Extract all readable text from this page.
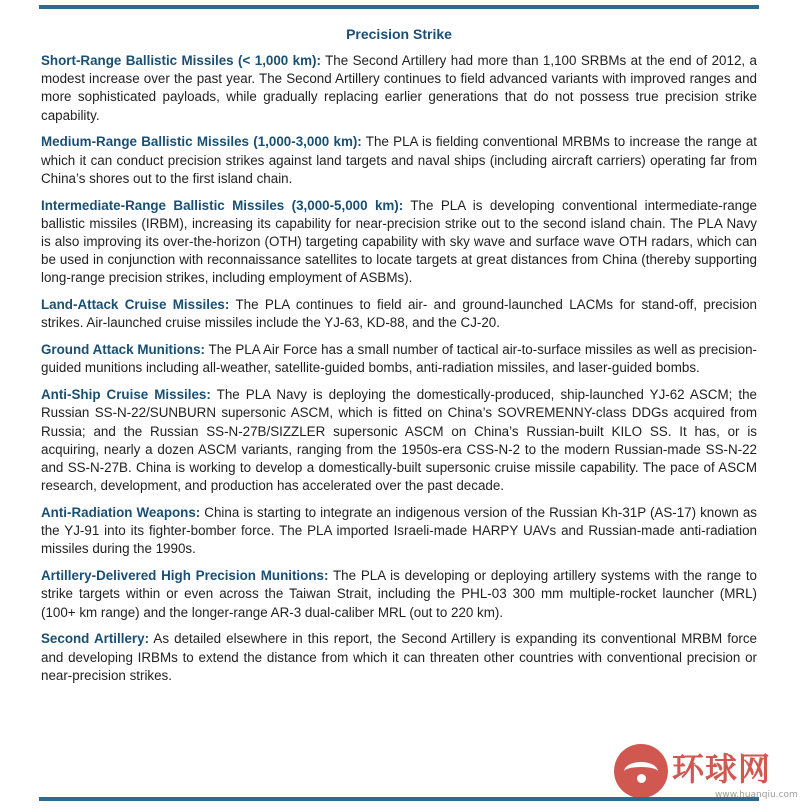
Precision Strike

Short-Range Ballistic Missiles (< 1,000 km): The Second Artillery had more than 1,100 SRBMs at the end of 2012, a modest increase over the past year. The Second Artillery continues to field advanced variants with improved ranges and more sophisticated payloads, while gradually replacing earlier generations that do not possess true precision strike capability.

Medium-Range Ballistic Missiles (1,000-3,000 km): The PLA is fielding conventional MRBMs to increase the range at which it can conduct precision strikes against land targets and naval ships (including aircraft carriers) operating far from China’s shores out to the first island chain.

Intermediate-Range Ballistic Missiles (3,000-5,000 km): The PLA is developing conventional intermediate-range ballistic missiles (IRBM), increasing its capability for near-precision strike out to the second island chain. The PLA Navy is also improving its over-the-horizon (OTH) targeting capability with sky wave and surface wave OTH radars, which can be used in conjunction with reconnaissance satellites to locate targets at great distances from China (thereby supporting long-range precision strikes, including employment of ASBMs).

Land-Attack Cruise Missiles: The PLA continues to field air- and ground-launched LACMs for stand-off, precision strikes. Air-launched cruise missiles include the YJ-63, KD-88, and the CJ-20.

Ground Attack Munitions: The PLA Air Force has a small number of tactical air-to-surface missiles as well as precision-guided munitions including all-weather, satellite-guided bombs, anti-radiation missiles, and laser-guided bombs.

Anti-Ship Cruise Missiles: The PLA Navy is deploying the domestically-produced, ship-launched YJ-62 ASCM; the Russian SS-N-22/SUNBURN supersonic ASCM, which is fitted on China’s SOVREMENNY-class DDGs acquired from Russia; and the Russian SS-N-27B/SIZZLER supersonic ASCM on China’s Russian-built KILO SS. It has, or is acquiring, nearly a dozen ASCM variants, ranging from the 1950s-era CSS-N-2 to the modern Russian-made SS-N-22 and SS-N-27B. China is working to develop a domestically-built supersonic cruise missile capability. The pace of ASCM research, development, and production has accelerated over the past decade.

Anti-Radiation Weapons: China is starting to integrate an indigenous version of the Russian Kh-31P (AS-17) known as the YJ-91 into its fighter-bomber force. The PLA imported Israeli-made HARPY UAVs and Russian-made anti-radiation missiles during the 1990s.

Artillery-Delivered High Precision Munitions: The PLA is developing or deploying artillery systems with the range to strike targets within or even across the Taiwan Strait, including the PHL-03 300 mm multiple-rocket launcher (MRL) (100+ km range) and the longer-range AR-3 dual-caliber MRL (out to 220 km).

Second Artillery: As detailed elsewhere in this report, the Second Artillery is expanding its conventional MRBM force and developing IRBMs to extend the distance from which it can threaten other countries with conventional precision or near-precision strikes.

环球网
www.huanqiu.com
